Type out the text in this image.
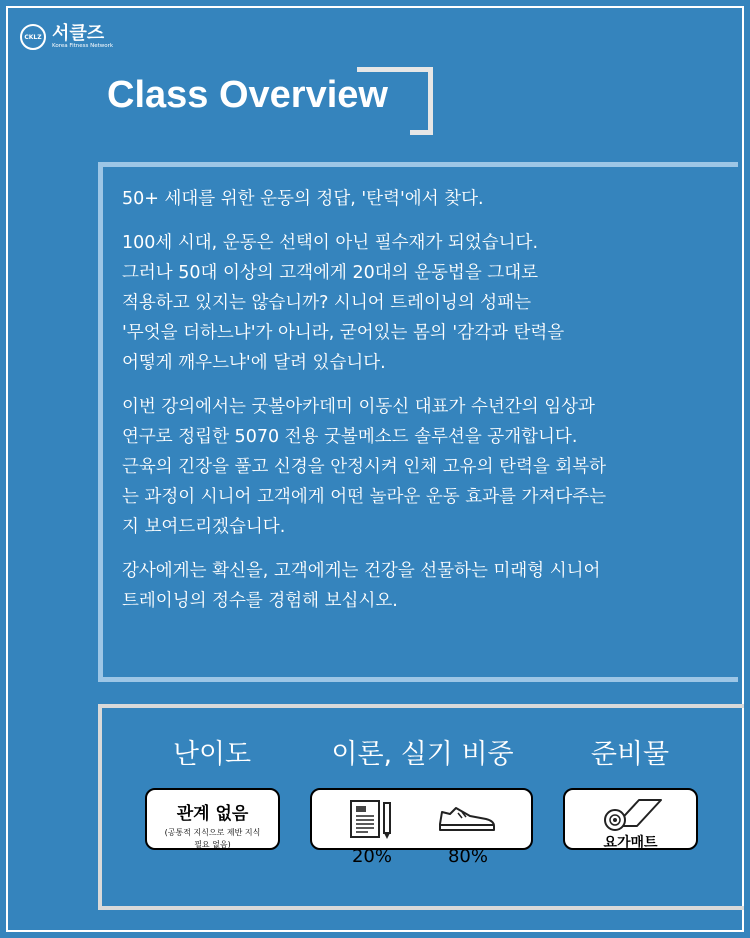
CKLZ 서클즈
Korea Fitness Network
Class Overview

50+ 세대를 위한 운동의 정답, '탄력'에서 찾다.

100세 시대, 운동은 선택이 아닌 필수재가 되었습니다.
그러나 50대 이상의 고객에게 20대의 운동법을 그대로
적용하고 있지는 않습니까? 시니어 트레이닝의 성패는
'무엇을 더하느냐'가 아니라, 굳어있는 몸의 '감각과 탄력을
어떻게 깨우느냐'에 달려 있습니다.

이번 강의에서는 굿볼아카데미 이동신 대표가 수년간의 임상과
연구로 정립한 5070 전용 굿볼메소드 솔루션을 공개합니다.
근육의 긴장을 풀고 신경을 안정시켜 인체 고유의 탄력을 회복하
는 과정이 시니어 고객에게 어떤 놀라운 운동 효과를 가져다주는
지 보여드리겠습니다.

강사에게는 확신을, 고객에게는 건강을 선물하는 미래형 시니어
트레이닝의 정수를 경험해 보십시오.

난이도	이론, 실기 비중	준비물
관계 없음
(공통적 지식으로 제반 지식
필요 없음)
20%	80%
요가매트
